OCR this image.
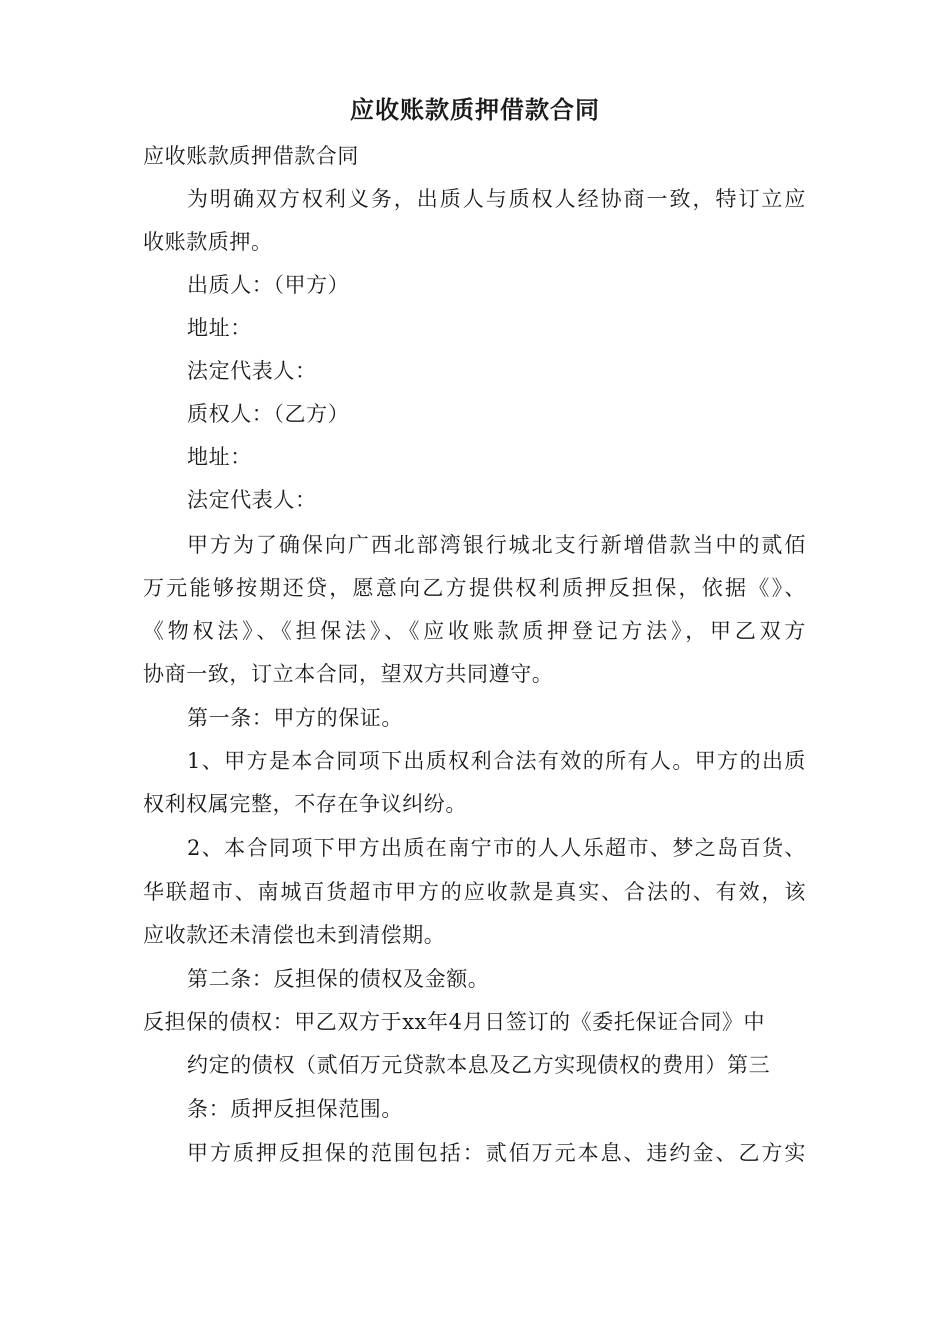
应收账款质押借款合同
应收账款质押借款合同
为明确双方权利义务，出质人与质权人经协商一致，特订立应
收账款质押。
出质人：（甲方）
地址：
法定代表人：
质权人：（乙方）
地址：
法定代表人：
甲方为了确保向广西北部湾银行城北支行新增借款当中的贰佰
万元能够按期还贷，愿意向乙方提供权利质押反担保，依据《》、
《物权法》、《担保法》、《应收账款质押登记方法》，甲乙双方
协商一致，订立本合同，望双方共同遵守。
第一条：甲方的保证。
1、甲方是本合同项下出质权利合法有效的所有人。甲方的出质
权利权属完整，不存在争议纠纷。
2、本合同项下甲方出质在南宁市的人人乐超市、梦之岛百货、
华联超市、南城百货超市甲方的应收款是真实、合法的、有效，该
应收款还未清偿也未到清偿期。
第二条：反担保的债权及金额。
反担保的债权：甲乙双方于xx年4月日签订的《委托保证合同》中
约定的债权（贰佰万元贷款本息及乙方实现债权的费用）第三
条：质押反担保范围。
甲方质押反担保的范围包括：贰佰万元本息、违约金、乙方实
